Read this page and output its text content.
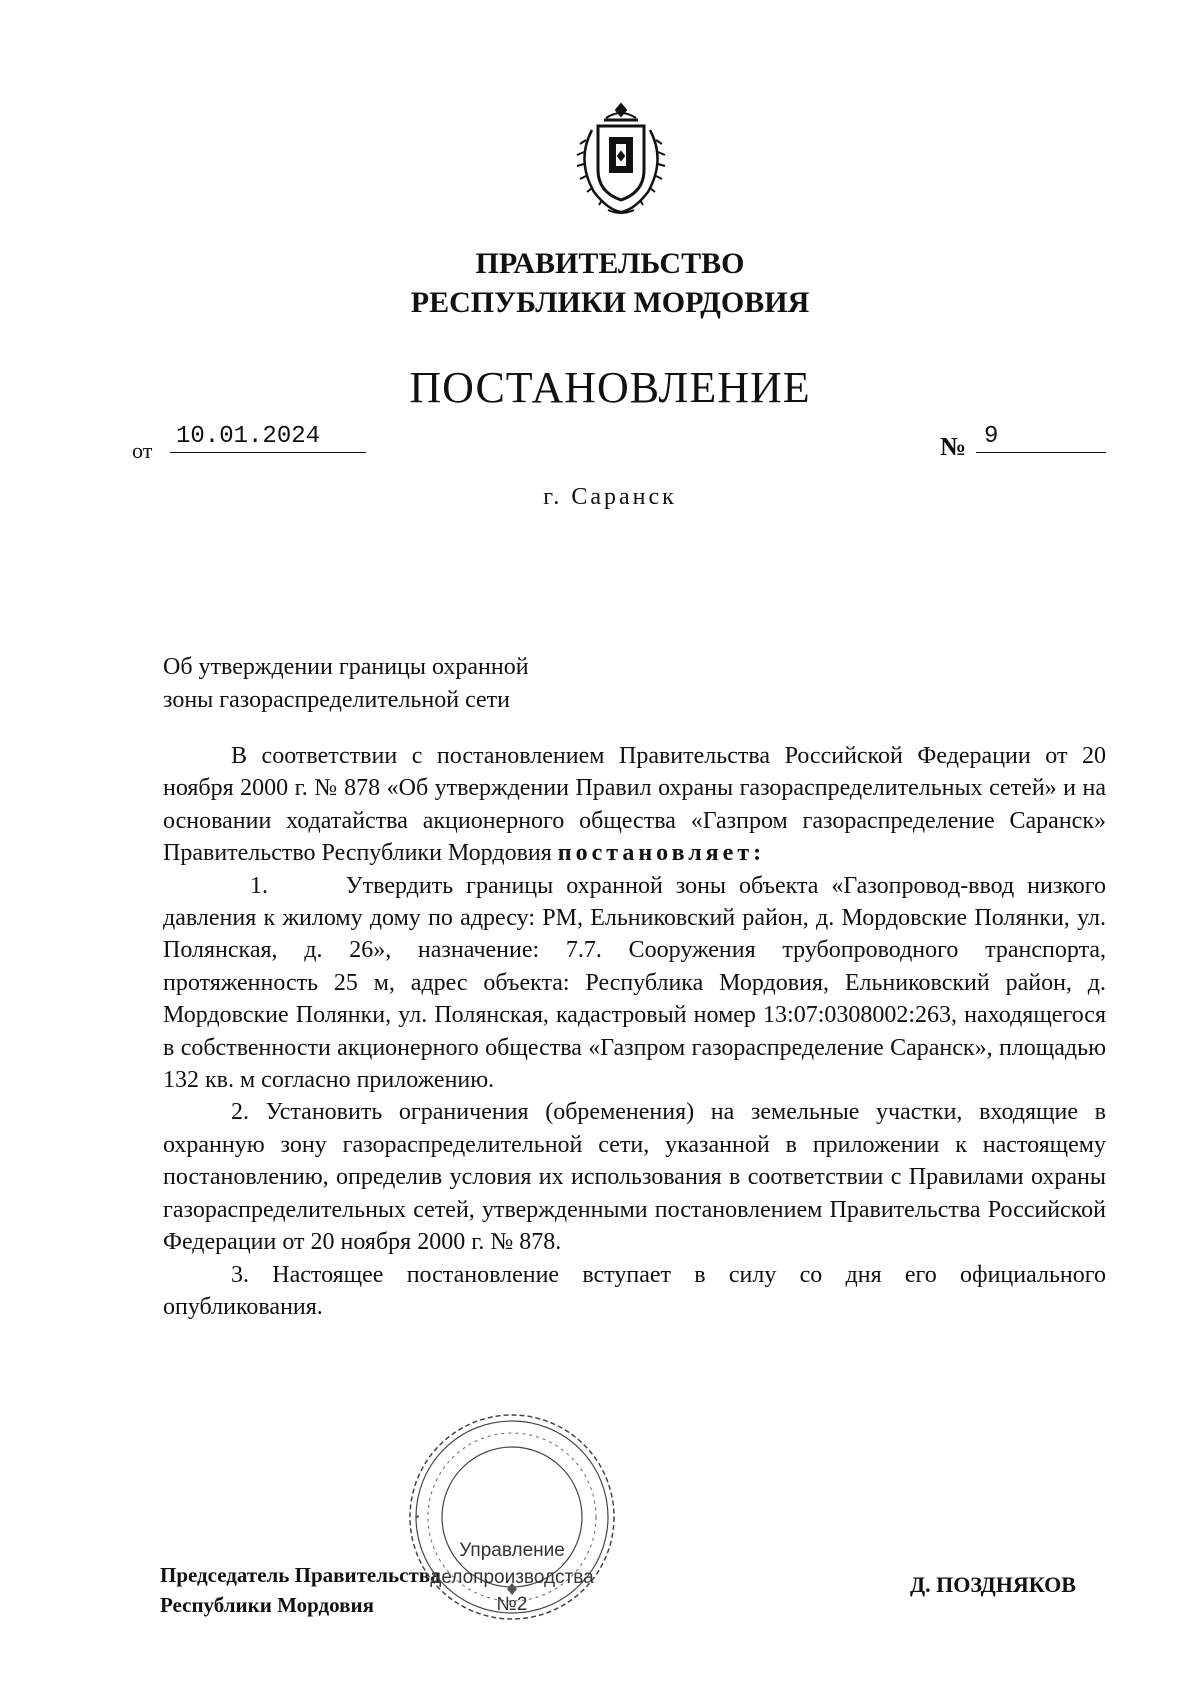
ПРАВИТЕЛЬСТВО
РЕСПУБЛИКИ МОРДОВИЯ
ПОСТАНОВЛЕНИЕ
от
10.01.2024	№ 9
г. Саранск
Об утверждении границы охранной
зоны газораспределительной сети

В соответствии с постановлением Правительства Российской Федерации от 20 ноября 2000 г. № 878 «Об утверждении Правил охраны газораспределительных сетей» и на основании ходатайства акционерного общества «Газпром газораспределение Саранск» Правительство Республики Мордовия постановляет:

1.	Утвердить границы охранной зоны объекта «Газопровод-ввод низкого давления к жилому дому по адресу: РМ, Ельниковский район, д. Мордовские Полянки, ул. Полянская, д. 26», назначение: 7.7. Сооружения трубопроводного транспорта, протяженность 25 м, адрес объекта: Республика Мордовия, Ельниковский район, д. Мордовские Полянки, ул. Полянская, кадастровый номер 13:07:0308002:263, находящегося в собственности акционерного общества «Газпром газораспределение Саранск», площадью 132 кв. м согласно приложению.

2. Установить ограничения (обременения) на земельные участки, входящие в охранную зону газораспределительной сети, указанной в приложении к настоящему постановлению, определив условия их использования в соответствии с Правилами охраны газораспределительных сетей, утвержденными постановлением Правительства Российской Федерации от 20 ноября 2000 г. № 878.

3. Настоящее постановление вступает в силу со дня его официального опубликования.

Председатель Правительства
Республики Мордовия
Управление
делопроизводства
№2
Д. ПОЗДНЯКОВ
